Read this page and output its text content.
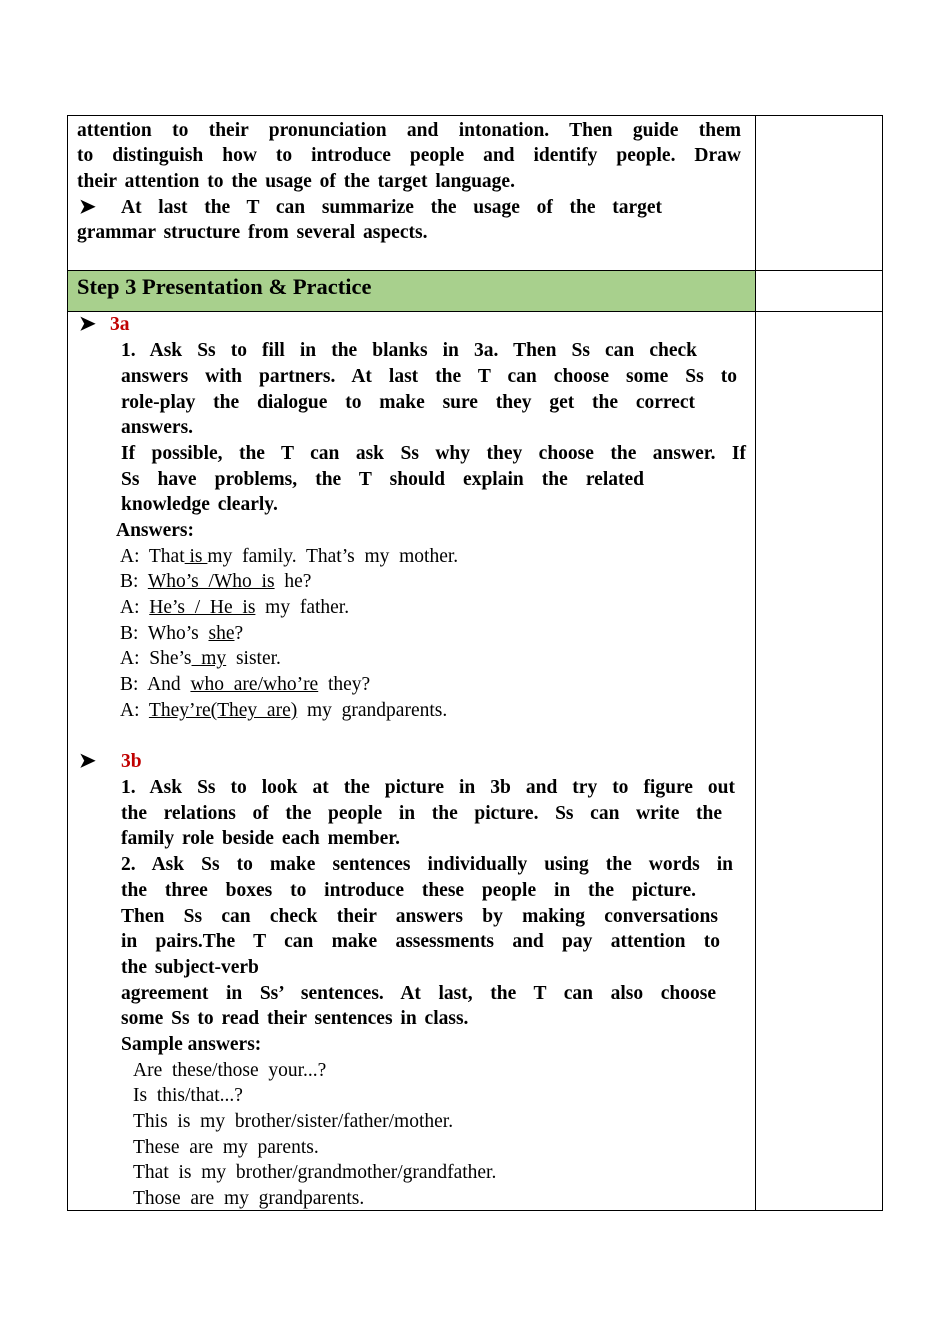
attention to their pronunciation and intonation. Then guide them
to distinguish how to introduce people and identify people. Draw
their attention to the usage of the target language.
➤ At last the T can summarize the usage of the target
grammar structure from several aspects.
Step 3 Presentation & Practice
➤ 3a
1. Ask Ss to fill in the blanks in 3a. Then Ss can check
answers with partners. At last the T can choose some Ss to
role-play the dialogue to make sure they get the correct
answers.
If possible, the T can ask Ss why they choose the answer. If
Ss have problems, the T should explain the related
knowledge clearly.
Answers:
A:  That is my  family.  That’s  my  mother.
B:  Who’s  /Who  is  he?
A:  He’s  /  He  is  my  father.
B:  Who’s  she?
A:  She’s  my  sister.
B:  And  who  are/who’re  they?
A:  They’re(They  are)  my  grandparents.
➤ 3b
1. Ask Ss to look at the picture in 3b and try to figure out
the relations of the people in the picture. Ss can write the
family role beside each member.
2. Ask Ss to make sentences individually using the words in
the three boxes to introduce these people in the picture.
Then Ss can check their answers by making conversations
in pairs.The T can make assessments and pay attention to
the subject-verb
agreement in Ss’ sentences. At last, the T can also choose
some Ss to read their sentences in class.
Sample answers:
Are  these/those  your...?
Is  this/that...?
This  is  my  brother/sister/father/mother.
These  are  my  parents.
That  is  my  brother/grandmother/grandfather.
Those  are  my  grandparents.
